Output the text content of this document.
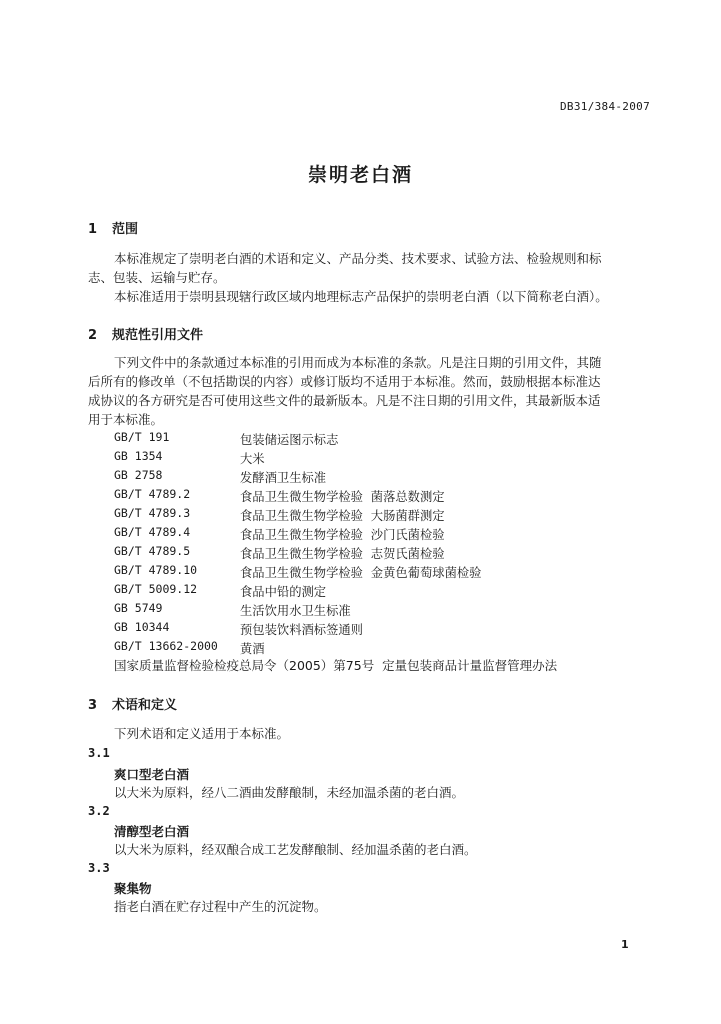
DB31/384-2007
崇明老白酒
1 范围
本标准规定了崇明老白酒的术语和定义、产品分类、技术要求、试验方法、检验规则和标
志、包装、运输与贮存。
本标准适用于崇明县现辖行政区域内地理标志产品保护的崇明老白酒（以下简称老白酒）。
2 规范性引用文件
下列文件中的条款通过本标准的引用而成为本标准的条款。凡是注日期的引用文件，其随
后所有的修改单（不包括勘误的内容）或修订版均不适用于本标准。然而，鼓励根据本标准达
成协议的各方研究是否可使用这些文件的最新版本。凡是不注日期的引用文件，其最新版本适
用于本标准。
GB/T 191	包装储运图示标志
GB 1354	大米
GB 2758	发酵酒卫生标准
GB/T 4789.2	食品卫生微生物学检验  菌落总数测定
GB/T 4789.3	食品卫生微生物学检验  大肠菌群测定
GB/T 4789.4	食品卫生微生物学检验  沙门氏菌检验
GB/T 4789.5	食品卫生微生物学检验  志贺氏菌检验
GB/T 4789.10	食品卫生微生物学检验  金黄色葡萄球菌检验
GB/T 5009.12	食品中铅的测定
GB 5749	生活饮用水卫生标准
GB 10344	预包装饮料酒标签通则
GB/T 13662-2000 黄酒
国家质量监督检验检疫总局令（2005）第75号  定量包装商品计量监督管理办法
3 术语和定义
下列术语和定义适用于本标准。
3.1
爽口型老白酒
以大米为原料，经八二酒曲发酵酿制，未经加温杀菌的老白酒。
3.2
清醇型老白酒
以大米为原料，经双酿合成工艺发酵酿制、经加温杀菌的老白酒。
3.3
聚集物
指老白酒在贮存过程中产生的沉淀物。
1
